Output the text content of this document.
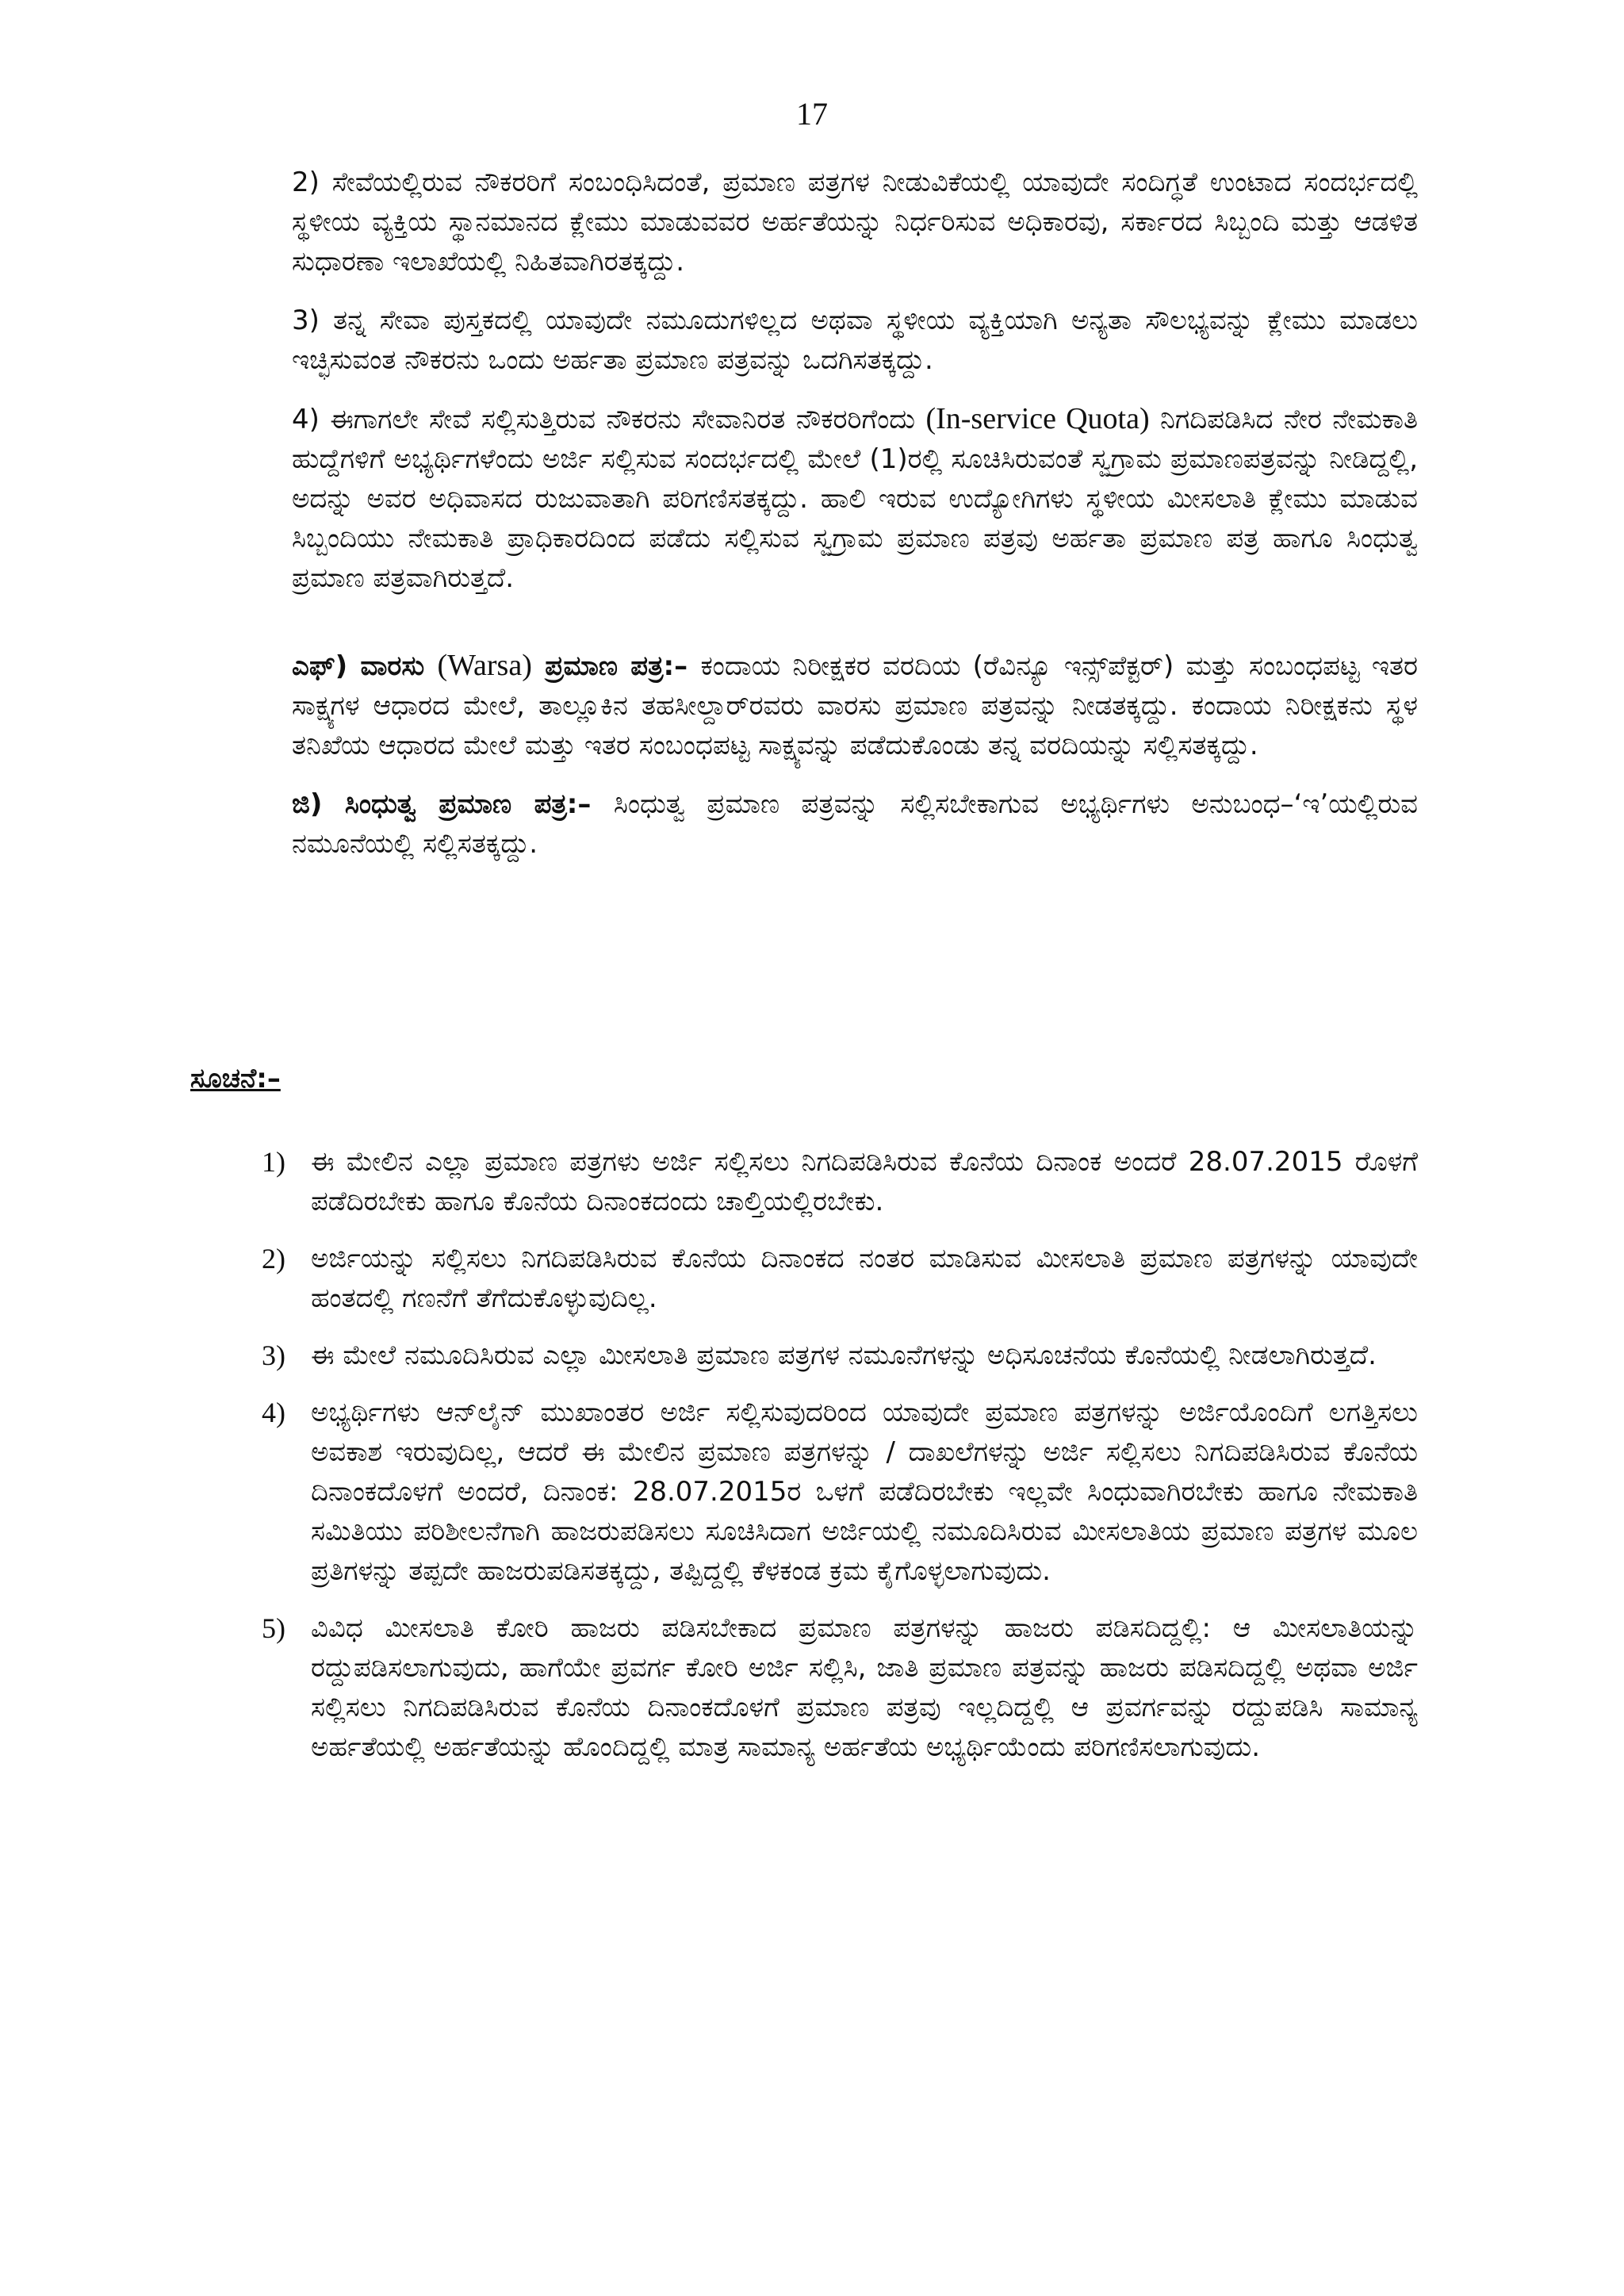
17

2) ಸೇವೆಯಲ್ಲಿರುವ ನೌಕರರಿಗೆ ಸಂಬಂಧಿಸಿದಂತೆ, ಪ್ರಮಾಣ ಪತ್ರಗಳ ನೀಡುವಿಕೆಯಲ್ಲಿ ಯಾವುದೇ ಸಂದಿಗ್ಧತೆ ಉಂಟಾದ ಸಂದರ್ಭದಲ್ಲಿ ಸ್ಥಳೀಯ ವ್ಯಕ್ತಿಯ ಸ್ಥಾನಮಾನದ ಕ್ಲೇಮು ಮಾಡುವವರ ಅರ್ಹತೆಯನ್ನು ನಿರ್ಧರಿಸುವ ಅಧಿಕಾರವು, ಸರ್ಕಾರದ ಸಿಬ್ಬಂದಿ ಮತ್ತು ಆಡಳಿತ ಸುಧಾರಣಾ ಇಲಾಖೆಯಲ್ಲಿ ನಿಹಿತವಾಗಿರತಕ್ಕದ್ದು.

3) ತನ್ನ ಸೇವಾ ಪುಸ್ತಕದಲ್ಲಿ ಯಾವುದೇ ನಮೂದುಗಳಿಲ್ಲದ ಅಥವಾ ಸ್ಥಳೀಯ ವ್ಯಕ್ತಿಯಾಗಿ ಅನ್ಯತಾ ಸೌಲಭ್ಯವನ್ನು ಕ್ಲೇಮು ಮಾಡಲು ಇಚ್ಛಿಸುವಂತ ನೌಕರನು ಒಂದು ಅರ್ಹತಾ ಪ್ರಮಾಣ ಪತ್ರವನ್ನು ಒದಗಿಸತಕ್ಕದ್ದು.

4) ಈಗಾಗಲೇ ಸೇವೆ ಸಲ್ಲಿಸುತ್ತಿರುವ ನೌಕರನು ಸೇವಾನಿರತ ನೌಕರರಿಗೆಂದು (In-service Quota) ನಿಗದಿಪಡಿಸಿದ ನೇರ ನೇಮಕಾತಿ ಹುದ್ದೆಗಳಿಗೆ ಅಭ್ಯರ್ಥಿಗಳೆಂದು ಅರ್ಜಿ ಸಲ್ಲಿಸುವ ಸಂದರ್ಭದಲ್ಲಿ ಮೇಲೆ (1)ರಲ್ಲಿ ಸೂಚಿಸಿರುವಂತೆ ಸ್ವಗ್ರಾಮ ಪ್ರಮಾಣಪತ್ರವನ್ನು ನೀಡಿದ್ದಲ್ಲಿ, ಅದನ್ನು ಅವರ ಅಧಿವಾಸದ ರುಜುವಾತಾಗಿ ಪರಿಗಣಿಸತಕ್ಕದ್ದು. ಹಾಲಿ ಇರುವ ಉದ್ಯೋಗಿಗಳು ಸ್ಥಳೀಯ ಮೀಸಲಾತಿ ಕ್ಲೇಮು ಮಾಡುವ ಸಿಬ್ಬಂದಿಯು ನೇಮಕಾತಿ ಪ್ರಾಧಿಕಾರದಿಂದ ಪಡೆದು ಸಲ್ಲಿಸುವ ಸ್ವಗ್ರಾಮ ಪ್ರಮಾಣ ಪತ್ರವು ಅರ್ಹತಾ ಪ್ರಮಾಣ ಪತ್ರ ಹಾಗೂ ಸಿಂಧುತ್ವ ಪ್ರಮಾಣ ಪತ್ರವಾಗಿರುತ್ತದೆ.

ಎಫ್) ವಾರಸು (Warsa) ಪ್ರಮಾಣ ಪತ್ರ:– ಕಂದಾಯ ನಿರೀಕ್ಷಕರ ವರದಿಯ (ರೆವಿನ್ಯೂ ಇನ್ಸ್‌ಪೆಕ್ಟರ್) ಮತ್ತು ಸಂಬಂಧಪಟ್ಟ ಇತರ ಸಾಕ್ಷ್ಯಗಳ ಆಧಾರದ ಮೇಲೆ, ತಾಲ್ಲೂಕಿನ ತಹಸೀಲ್ದಾರ್‌ರವರು ವಾರಸು ಪ್ರಮಾಣ ಪತ್ರವನ್ನು ನೀಡತಕ್ಕದ್ದು. ಕಂದಾಯ ನಿರೀಕ್ಷಕನು ಸ್ಥಳ ತನಿಖೆಯ ಆಧಾರದ ಮೇಲೆ ಮತ್ತು ಇತರ ಸಂಬಂಧಪಟ್ಟ ಸಾಕ್ಷ್ಯವನ್ನು ಪಡೆದುಕೊಂಡು ತನ್ನ ವರದಿಯನ್ನು ಸಲ್ಲಿಸತಕ್ಕದ್ದು.

ಜಿ) ಸಿಂಧುತ್ವ ಪ್ರಮಾಣ ಪತ್ರ:– ಸಿಂಧುತ್ವ ಪ್ರಮಾಣ ಪತ್ರವನ್ನು ಸಲ್ಲಿಸಬೇಕಾಗುವ ಅಭ್ಯರ್ಥಿಗಳು ಅನುಬಂಧ–‘ಇ’ಯಲ್ಲಿರುವ ನಮೂನೆಯಲ್ಲಿ ಸಲ್ಲಿಸತಕ್ಕದ್ದು.

ಸೂಚನೆ:–
1) ಈ ಮೇಲಿನ ಎಲ್ಲಾ ಪ್ರಮಾಣ ಪತ್ರಗಳು ಅರ್ಜಿ ಸಲ್ಲಿಸಲು ನಿಗದಿಪಡಿಸಿರುವ ಕೊನೆಯ ದಿನಾಂಕ ಅಂದರೆ 28.07.2015 ರೊಳಗೆ ಪಡೆದಿರಬೇಕು ಹಾಗೂ ಕೊನೆಯ ದಿನಾಂಕದಂದು ಚಾಲ್ತಿಯಲ್ಲಿರಬೇಕು.
2) ಅರ್ಜಿಯನ್ನು ಸಲ್ಲಿಸಲು ನಿಗದಿಪಡಿಸಿರುವ ಕೊನೆಯ ದಿನಾಂಕದ ನಂತರ ಮಾಡಿಸುವ ಮೀಸಲಾತಿ ಪ್ರಮಾಣ ಪತ್ರಗಳನ್ನು ಯಾವುದೇ ಹಂತದಲ್ಲಿ ಗಣನೆಗೆ ತೆಗೆದುಕೊಳ್ಳುವುದಿಲ್ಲ.
3) ಈ ಮೇಲೆ ನಮೂದಿಸಿರುವ ಎಲ್ಲಾ ಮೀಸಲಾತಿ ಪ್ರಮಾಣ ಪತ್ರಗಳ ನಮೂನೆಗಳನ್ನು ಅಧಿಸೂಚನೆಯ ಕೊನೆಯಲ್ಲಿ ನೀಡಲಾಗಿರುತ್ತದೆ.
4) ಅಭ್ಯರ್ಥಿಗಳು ಆನ್‌ಲೈನ್ ಮುಖಾಂತರ ಅರ್ಜಿ ಸಲ್ಲಿಸುವುದರಿಂದ ಯಾವುದೇ ಪ್ರಮಾಣ ಪತ್ರಗಳನ್ನು ಅರ್ಜಿಯೊಂದಿಗೆ ಲಗತ್ತಿಸಲು ಅವಕಾಶ ಇರುವುದಿಲ್ಲ, ಆದರೆ ಈ ಮೇಲಿನ ಪ್ರಮಾಣ ಪತ್ರಗಳನ್ನು / ದಾಖಲೆಗಳನ್ನು ಅರ್ಜಿ ಸಲ್ಲಿಸಲು ನಿಗದಿಪಡಿಸಿರುವ ಕೊನೆಯ ದಿನಾಂಕದೊಳಗೆ ಅಂದರೆ, ದಿನಾಂಕ: 28.07.2015ರ ಒಳಗೆ ಪಡೆದಿರಬೇಕು ಇಲ್ಲವೇ ಸಿಂಧುವಾಗಿರಬೇಕು ಹಾಗೂ ನೇಮಕಾತಿ ಸಮಿತಿಯು ಪರಿಶೀಲನೆಗಾಗಿ ಹಾಜರುಪಡಿಸಲು ಸೂಚಿಸಿದಾಗ ಅರ್ಜಿಯಲ್ಲಿ ನಮೂದಿಸಿರುವ ಮೀಸಲಾತಿಯ ಪ್ರಮಾಣ ಪತ್ರಗಳ ಮೂಲ ಪ್ರತಿಗಳನ್ನು ತಪ್ಪದೇ ಹಾಜರುಪಡಿಸತಕ್ಕದ್ದು, ತಪ್ಪಿದ್ದಲ್ಲಿ ಕೆಳಕಂಡ ಕ್ರಮ ಕೈಗೊಳ್ಳಲಾಗುವುದು.
5) ವಿವಿಧ ಮೀಸಲಾತಿ ಕೋರಿ ಹಾಜರು ಪಡಿಸಬೇಕಾದ ಪ್ರಮಾಣ ಪತ್ರಗಳನ್ನು ಹಾಜರು ಪಡಿಸದಿದ್ದಲ್ಲಿ: ಆ ಮೀಸಲಾತಿಯನ್ನು ರದ್ದುಪಡಿಸಲಾಗುವುದು, ಹಾಗೆಯೇ ಪ್ರವರ್ಗ ಕೋರಿ ಅರ್ಜಿ ಸಲ್ಲಿಸಿ, ಜಾತಿ ಪ್ರಮಾಣ ಪತ್ರವನ್ನು ಹಾಜರು ಪಡಿಸದಿದ್ದಲ್ಲಿ ಅಥವಾ ಅರ್ಜಿ ಸಲ್ಲಿಸಲು ನಿಗದಿಪಡಿಸಿರುವ ಕೊನೆಯ ದಿನಾಂಕದೊಳಗೆ ಪ್ರಮಾಣ ಪತ್ರವು ಇಲ್ಲದಿದ್ದಲ್ಲಿ ಆ ಪ್ರವರ್ಗವನ್ನು ರದ್ದುಪಡಿಸಿ ಸಾಮಾನ್ಯ ಅರ್ಹತೆಯಲ್ಲಿ ಅರ್ಹತೆಯನ್ನು ಹೊಂದಿದ್ದಲ್ಲಿ ಮಾತ್ರ ಸಾಮಾನ್ಯ ಅರ್ಹತೆಯ ಅಭ್ಯರ್ಥಿಯೆಂದು ಪರಿಗಣಿಸಲಾಗುವುದು.
